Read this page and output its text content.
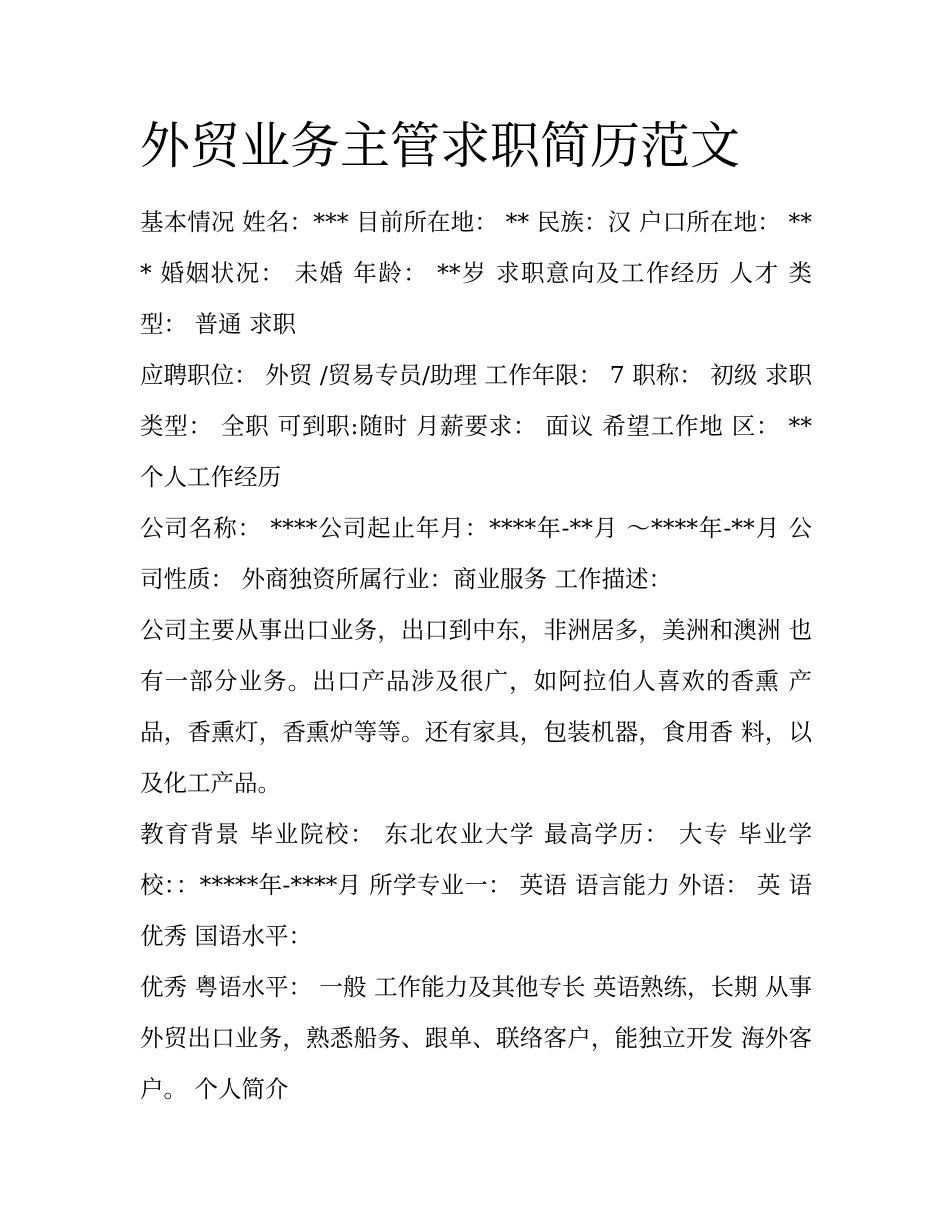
外贸业务主管求职简历范文

基本情况 姓名：*** 目前所在地： ** 民族：汉 户口所在地： *** 婚姻状况： 未婚 年龄： **岁 求职意向及工作经历 人才 类型： 普通 求职

应聘职位： 外贸 /贸易专员/助理 工作年限： 7 职称： 初级 求职 类型： 全职 可到职:随时 月薪要求： 面议 希望工作地 区： ** 个人工作经历

公司名称： ****公司起止年月：****年-**月 ～****年-**月 公 司性质： 外商独资所属行业：商业服务 工作描述：

公司主要从事出口业务，出口到中东，非洲居多，美洲和澳洲 也有一部分业务。出口产品涉及很广，如阿拉伯人喜欢的香熏 产品，香熏灯，香熏炉等等。还有家具，包装机器，食用香 料，以及化工产品。

教育背景 毕业院校： 东北农业大学 最高学历： 大专 毕业学 校：：*****年-****月 所学专业一： 英语 语言能力 外语： 英 语 优秀 国语水平：

优秀 粤语水平： 一般 工作能力及其他专长 英语熟练，长期 从事外贸出口业务，熟悉船务、跟单、联络客户，能独立开发 海外客户。 个人简介
